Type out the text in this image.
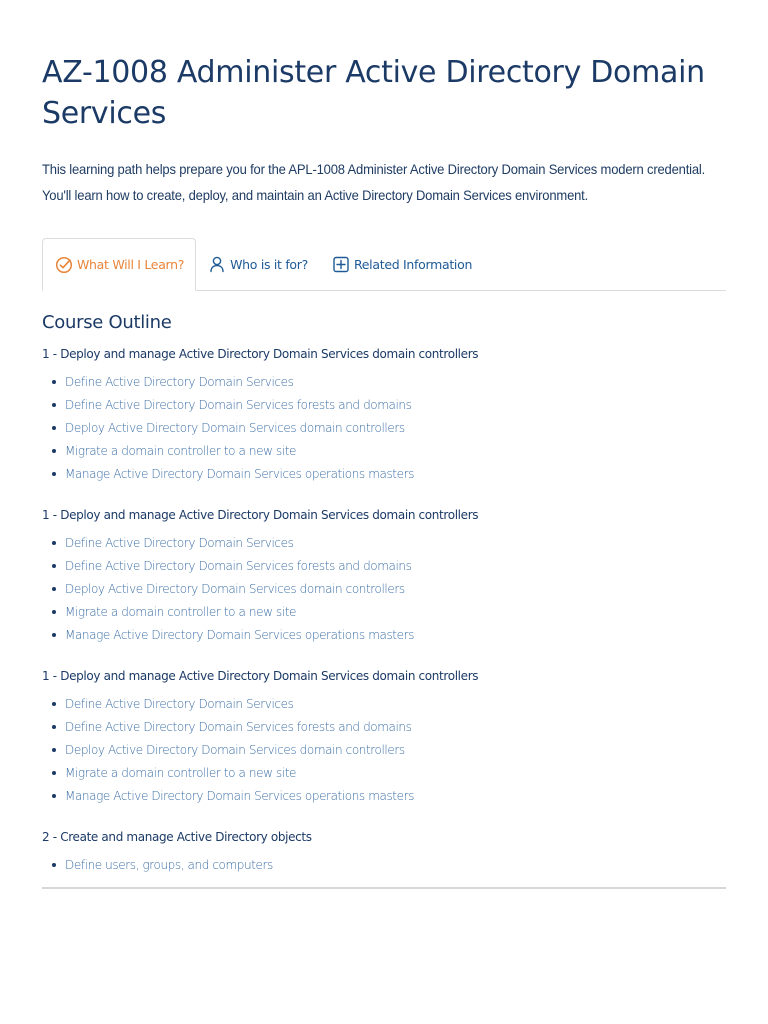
AZ-1008 Administer Active Directory Domain Services
This learning path helps prepare you for the APL-1008 Administer Active Directory Domain Services modern credential.
You'll learn how to create, deploy, and maintain an Active Directory Domain Services environment.
What Will I Learn?	Who is it for?	Related Information
Course Outline
1 - Deploy and manage Active Directory Domain Services domain controllers
Define Active Directory Domain Services
Define Active Directory Domain Services forests and domains
Deploy Active Directory Domain Services domain controllers
Migrate a domain controller to a new site
Manage Active Directory Domain Services operations masters
1 - Deploy and manage Active Directory Domain Services domain controllers
Define Active Directory Domain Services
Define Active Directory Domain Services forests and domains
Deploy Active Directory Domain Services domain controllers
Migrate a domain controller to a new site
Manage Active Directory Domain Services operations masters
1 - Deploy and manage Active Directory Domain Services domain controllers
Define Active Directory Domain Services
Define Active Directory Domain Services forests and domains
Deploy Active Directory Domain Services domain controllers
Migrate a domain controller to a new site
Manage Active Directory Domain Services operations masters
2 - Create and manage Active Directory objects
Define users, groups, and computers
